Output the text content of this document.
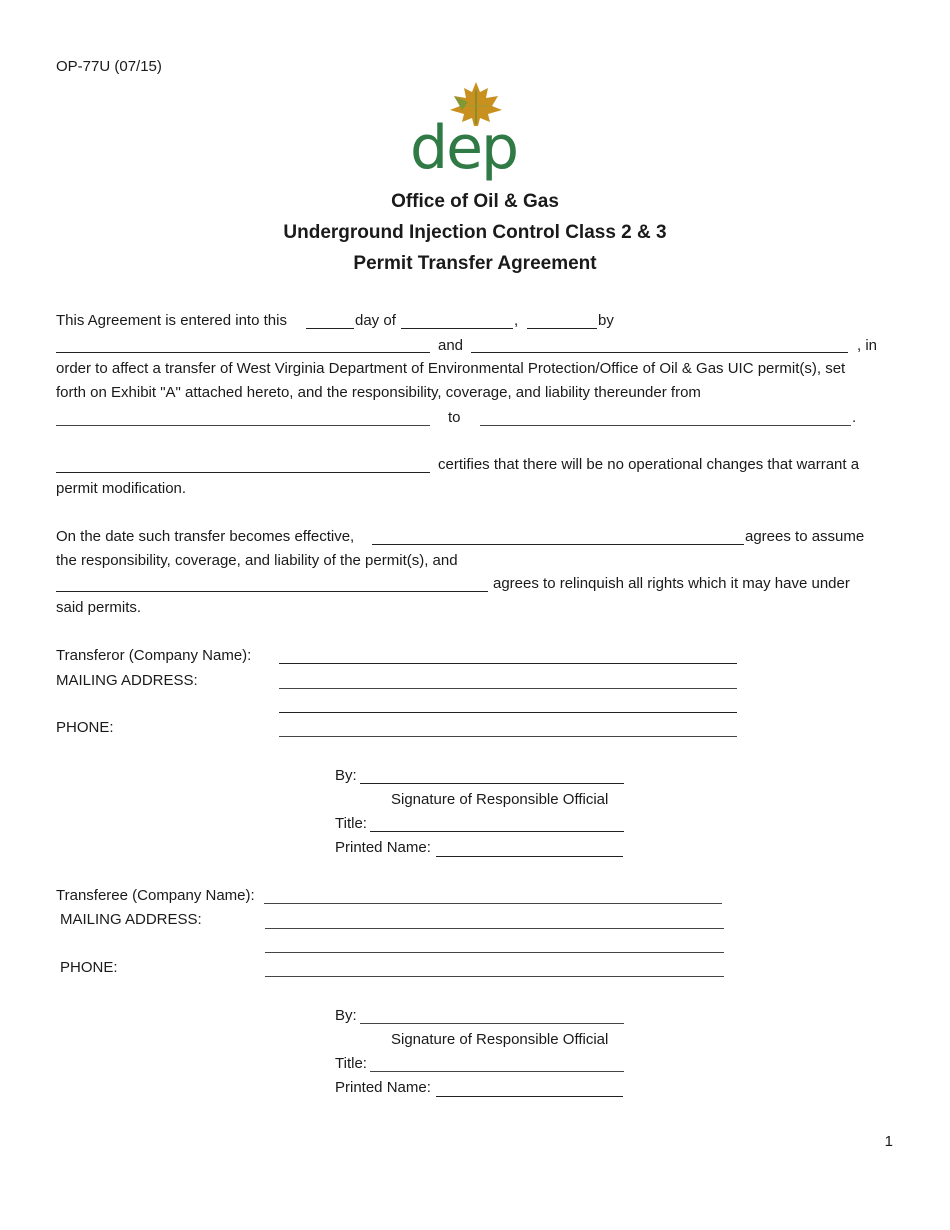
OP-77U (07/15)
dep
Office of Oil & Gas
Underground Injection Control Class 2 & 3
Permit Transfer Agreement
This Agreement is entered into this	day of	,	by
and	, in
order to affect a transfer of West Virginia Department of Environmental Protection/Office of Oil & Gas UIC permit(s), set
forth on Exhibit "A" attached hereto, and the responsibility, coverage, and liability thereunder from
to	.
certifies that there will be no operational changes that warrant a
permit modification.
On the date such transfer becomes effective,	agrees to assume
the responsibility, coverage, and liability of the permit(s), and
agrees to relinquish all rights which it may have under
said permits.
Transferor (Company Name):
MAILING ADDRESS:
PHONE:
By:
Signature of Responsible Official
Title:
Printed Name:
Transferee (Company Name):
MAILING ADDRESS:
PHONE:
By:
Signature of Responsible Official
Title:
Printed Name:
1
